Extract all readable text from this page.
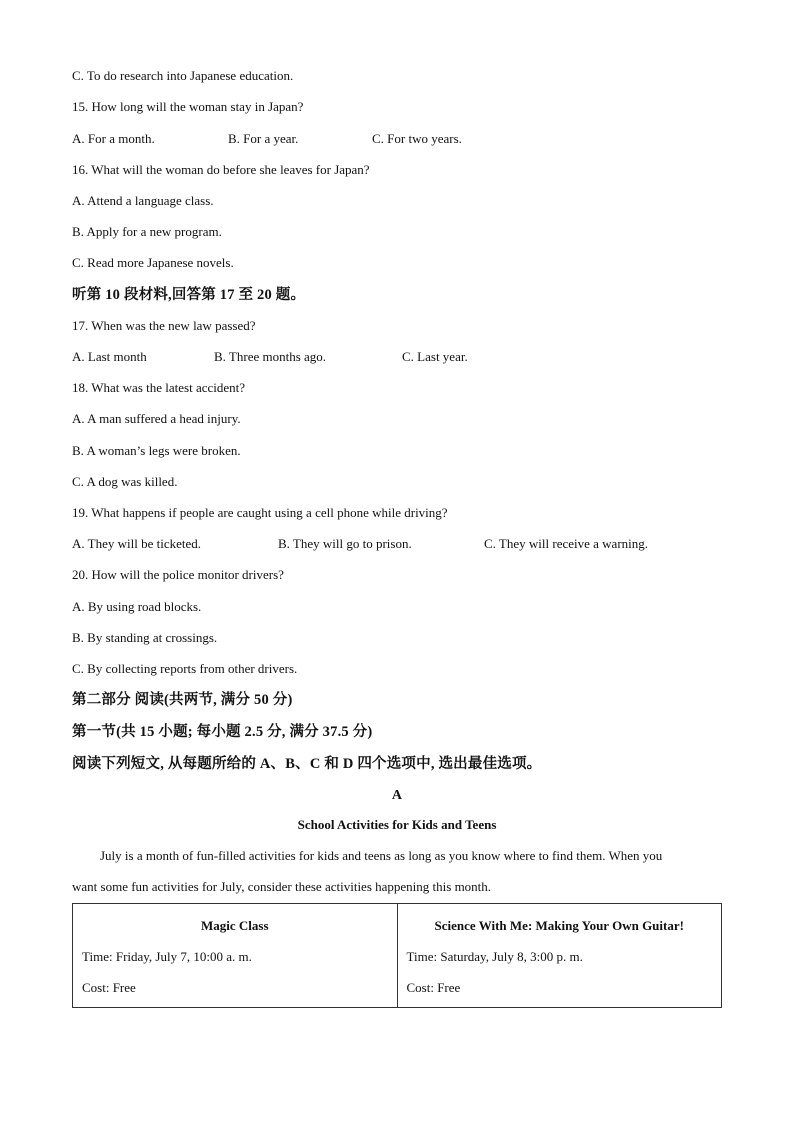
C. To do research into Japanese education.
15. How long will the woman stay in Japan?
A. For a month.	B. For a year.	C. For two years.
16. What will the woman do before she leaves for Japan?
A. Attend a language class.
B. Apply for a new program.
C. Read more Japanese novels.
听第 10 段材料,回答第 17 至 20 题。
17. When was the new law passed?
A. Last month	B. Three months ago.	C. Last year.
18. What was the latest accident?
A. A man suffered a head injury.
B. A woman’s legs were broken.
C. A dog was killed.
19. What happens if people are caught using a cell phone while driving?
A. They will be ticketed.	B. They will go to prison.	C. They will receive a warning.
20. How will the police monitor drivers?
A. By using road blocks.
B. By standing at crossings.
C. By collecting reports from other drivers.
第二部分 阅读(共两节, 满分 50 分)
第一节(共 15 小题; 每小题 2.5 分, 满分 37.5 分)
阅读下列短文, 从每题所给的 A、B、C 和 D 四个选项中, 选出最佳选项。
A
School Activities for Kids and Teens
July is a month of fun-filled activities for kids and teens as long as you know where to find them. When you
want some fun activities for July, consider these activities happening this month.
Magic Class
Time: Friday, July 7, 10:00 a. m.
Cost: Free

Science With Me: Making Your Own Guitar!
Time: Saturday, July 8, 3:00 p. m.
Cost: Free
